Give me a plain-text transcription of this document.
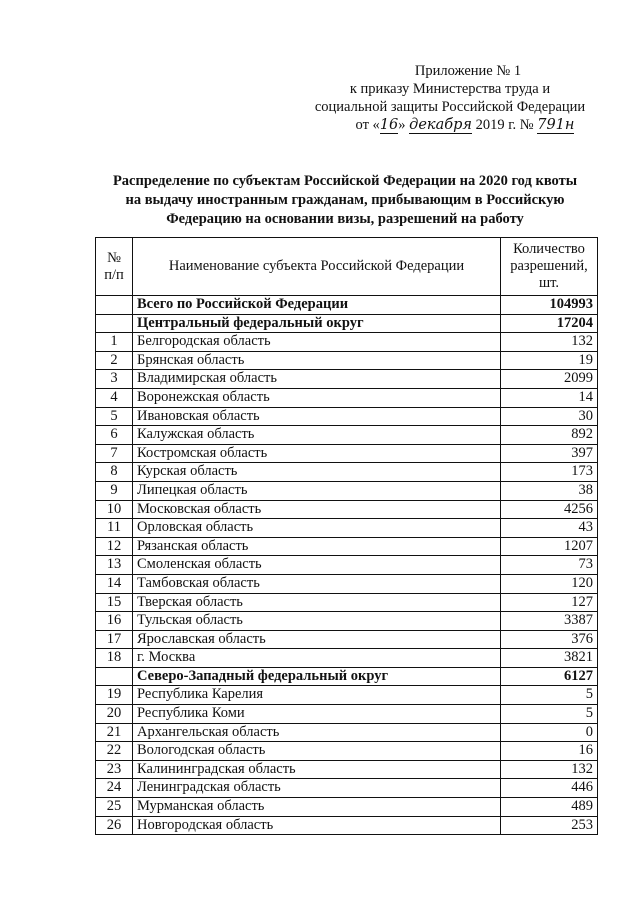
Приложение № 1
к приказу Министерства труда и
социальной защиты Российской Федерации
от «16» декабря 2019 г. № 791н
Распределение по субъектам Российской Федерации на 2020 год квоты
на выдачу иностранным гражданам, прибывающим в Российскую
Федерацию на основании визы, разрешений на работу
№ п/п	Наименование субъекта Российской Федерации	Количество разрешений, шт.
	Всего по Российской Федерации	104993
	Центральный федеральный округ	17204
1	Белгородская область	132
2	Брянская область	19
3	Владимирская область	2099
4	Воронежская область	14
5	Ивановская область	30
6	Калужская область	892
7	Костромская область	397
8	Курская область	173
9	Липецкая область	38
10	Московская область	4256
11	Орловская область	43
12	Рязанская область	1207
13	Смоленская область	73
14	Тамбовская область	120
15	Тверская область	127
16	Тульская область	3387
17	Ярославская область	376
18	г. Москва	3821
	Северо-Западный федеральный округ	6127
19	Республика Карелия	5
20	Республика Коми	5
21	Архангельская область	0
22	Вологодская область	16
23	Калининградская область	132
24	Ленинградская область	446
25	Мурманская область	489
26	Новгородская область	253
